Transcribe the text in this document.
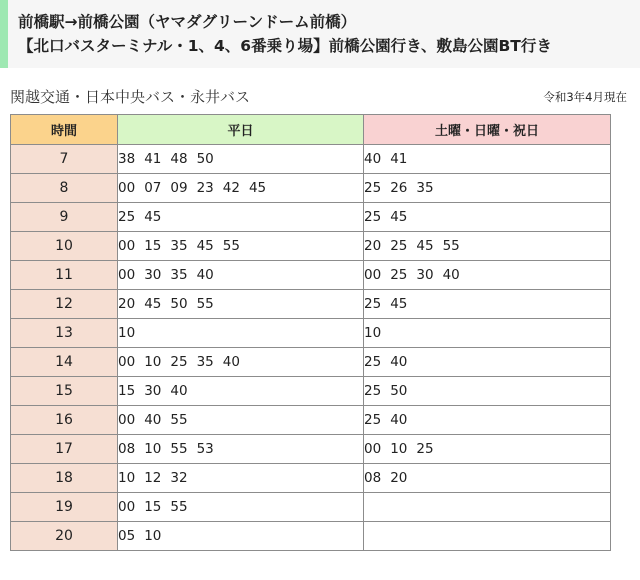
前橋駅→前橋公園（ヤマダグリーンドーム前橋）
【北口バスターミナル・1、4、6番乗り場】前橋公園行き、敷島公園BT行き
関越交通・日本中央バス・永井バス	令和3年4月現在
時間	平日	土曜・日曜・祝日
7	38 41 48 50	40 41
8	00 07 09 23 42 45	25 26 35
9	25 45	25 45
10	00 15 35 45 55	20 25 45 55
11	00 30 35 40	00 25 30 40
12	20 45 50 55	25 45
13	10	10
14	00 10 25 35 40	25 40
15	15 30 40	25 50
16	00 40 55	25 40
17	08 10 55 53	00 10 25
18	10 12 32	08 20
19	00 15 55	
20	05 10	
